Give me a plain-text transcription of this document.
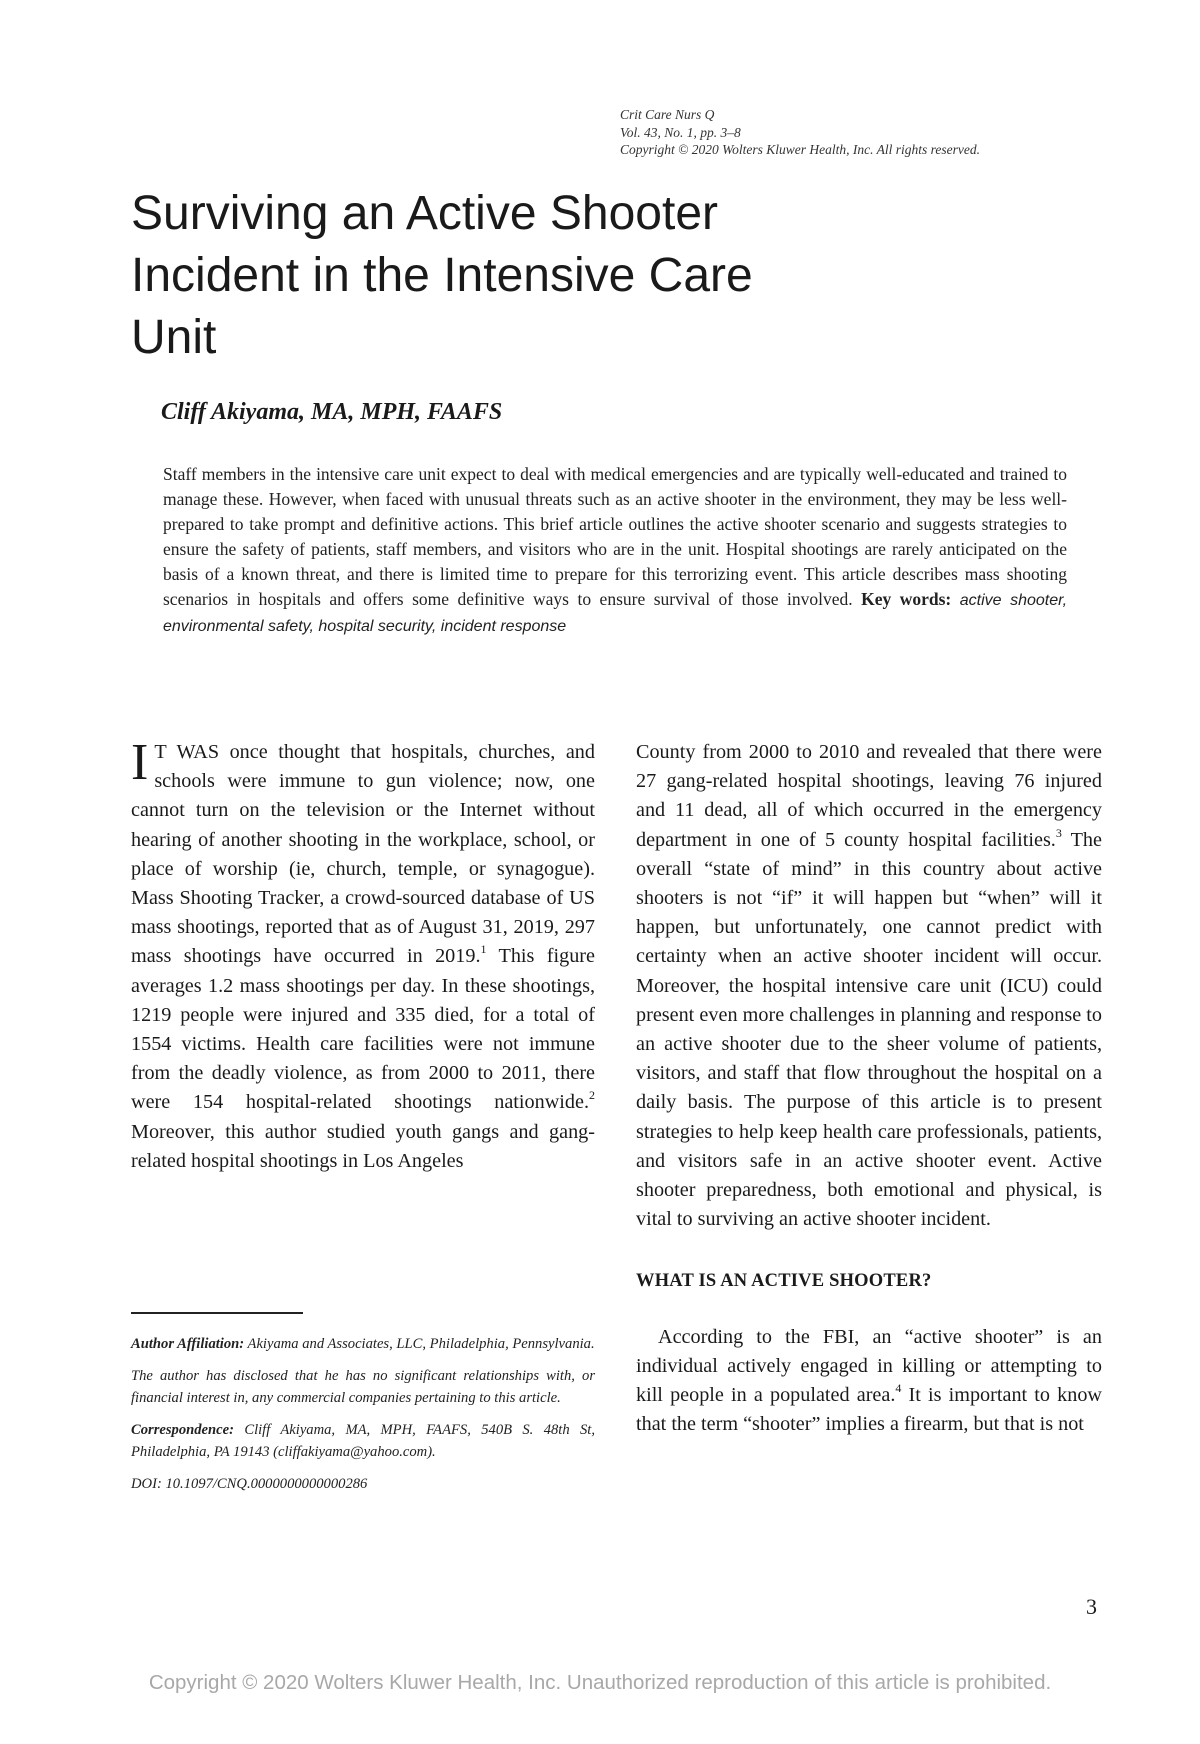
Crit Care Nurs Q
Vol. 43, No. 1, pp. 3–8
Copyright © 2020 Wolters Kluwer Health, Inc. All rights reserved.
Surviving an Active Shooter
Incident in the Intensive Care
Unit
Cliff Akiyama, MA, MPH, FAAFS
Staff members in the intensive care unit expect to deal with medical emergencies and are typically well-educated and trained to manage these. However, when faced with unusual threats such as an active shooter in the environment, they may be less well-prepared to take prompt and definitive actions. This brief article outlines the active shooter scenario and suggests strategies to ensure the safety of patients, staff members, and visitors who are in the unit. Hospital shootings are rarely anticipated on the basis of a known threat, and there is limited time to prepare for this terrorizing event. This article describes mass shooting scenarios in hospitals and offers some definitive ways to ensure survival of those involved. Key words: active shooter, environmental safety, hospital security, incident response

I T WAS once thought that hospitals, churches, and schools were immune to gun violence; now, one cannot turn on the television or the Internet without hearing of another shooting in the workplace, school, or place of worship (ie, church, temple, or synagogue). Mass Shooting Tracker, a crowd-sourced database of US mass shootings, reported that as of August 31, 2019, 297 mass shootings have occurred in 2019.$^1$ This figure averages 1.2 mass shootings per day. In these shootings, 1219 people were injured and 335 died, for a total of 1554 victims. Health care facilities were not immune from the deadly violence, as from 2000 to 2011, there were 154 hospital-related shootings nationwide.$^2$ Moreover, this author studied youth gangs and gang-related hospital shootings in Los Angeles

Author Affiliation: Akiyama and Associates, LLC, Philadelphia, Pennsylvania.

The author has disclosed that he has no significant relationships with, or financial interest in, any commercial companies pertaining to this article.

Correspondence: Cliff Akiyama, MA, MPH, FAAFS, 540B S. 48th St, Philadelphia, PA 19143 (cliffakiyama@yahoo.com).

DOI: 10.1097/CNQ.0000000000000286

County from 2000 to 2010 and revealed that there were 27 gang-related hospital shootings, leaving 76 injured and 11 dead, all of which occurred in the emergency department in one of 5 county hospital facilities.$^3$ The overall “state of mind” in this country about active shooters is not “if” it will happen but “when” will it happen, but unfortunately, one cannot predict with certainty when an active shooter incident will occur. Moreover, the hospital intensive care unit (ICU) could present even more challenges in planning and response to an active shooter due to the sheer volume of patients, visitors, and staff that flow throughout the hospital on a daily basis. The purpose of this article is to present strategies to help keep health care professionals, patients, and visitors safe in an active shooter event. Active shooter preparedness, both emotional and physical, is vital to surviving an active shooter incident.

WHAT IS AN ACTIVE SHOOTER?

According to the FBI, an “active shooter” is an individual actively engaged in killing or attempting to kill people in a populated area.$^4$ It is important to know that the term “shooter” implies a firearm, but that is not

3
Copyright © 2020 Wolters Kluwer Health, Inc. Unauthorized reproduction of this article is prohibited.
